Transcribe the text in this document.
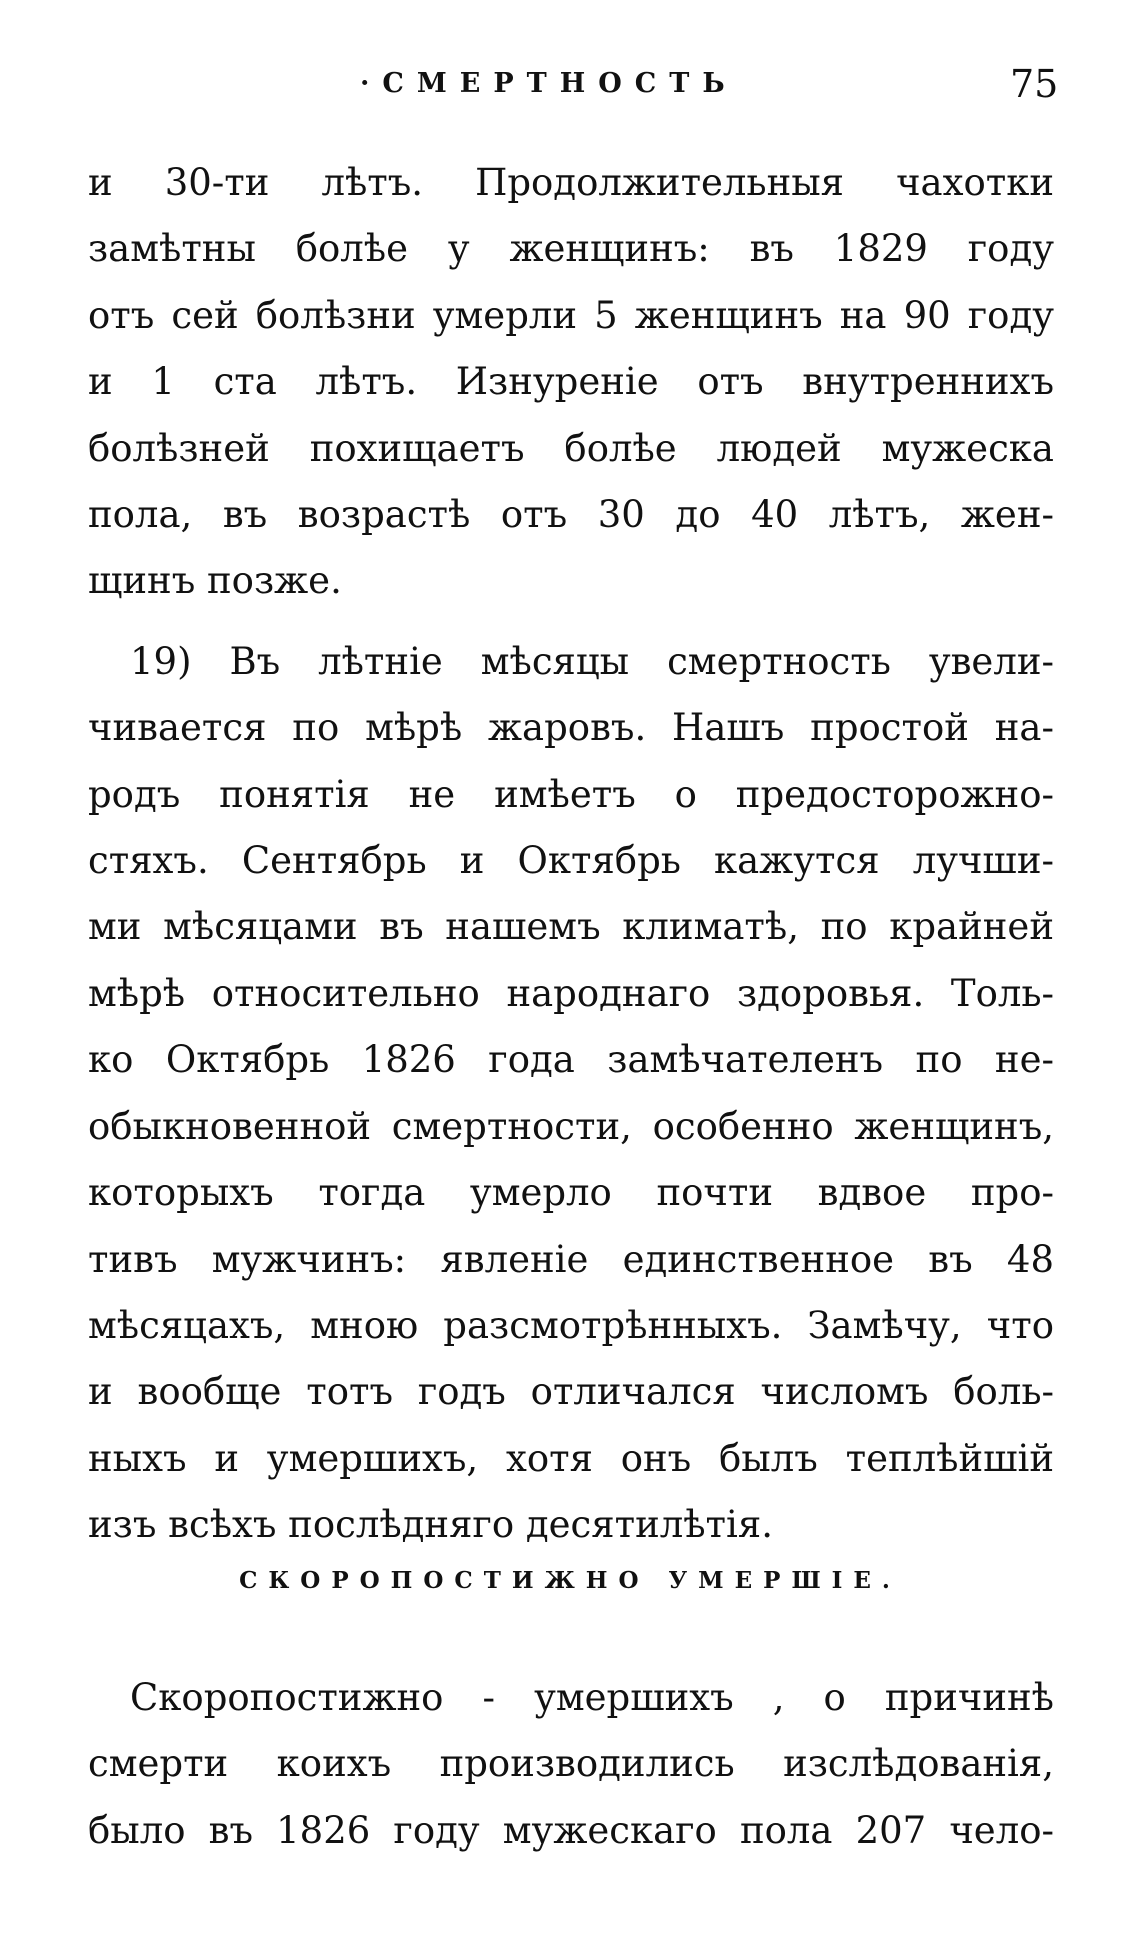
·СМЕРТНОСТЬ	75

и 30-ти лѣтъ. Продолжительныя чахотки
замѣтны болѣе у женщинъ: въ 1829 году
отъ сей болѣзни умерли 5 женщинъ на 90 году
и 1 ста лѣтъ. Изнуреніе отъ внутреннихъ
болѣзней похищаетъ болѣе людей мужеска
пола, въ возрастѣ отъ 30 до 40 лѣтъ, жен-
щинъ позже.

19) Въ лѣтніе мѣсяцы смертность увели-
чивается по мѣрѣ жаровъ. Нашъ простой на-
родъ понятія не имѣетъ о предосторожно-
стяхъ. Сентябрь и Октябрь кажутся лучши-
ми мѣсяцами въ нашемъ климатѣ, по крайней
мѣрѣ относительно народнаго здоровья. Толь-
ко Октябрь 1826 года замѣчателенъ по не-
обыкновенной смертности, особенно женщинъ,
которыхъ тогда умерло почти вдвое про-
тивъ мужчинъ: явленіе единственное въ 48
мѣсяцахъ, мною разсмотрѣнныхъ. Замѣчу, что
и вообще тотъ годъ отличался числомъ боль-
ныхъ и умершихъ, хотя онъ былъ теплѣйшій
изъ всѣхъ послѣдняго десятилѣтія.

СКОРОПОСТИЖНО УМЕРШІЕ.

Скоропостижно - умершихъ , о причинѣ
смерти коихъ производились изслѣдованія,
было въ 1826 году мужескаго пола 207 чело-
